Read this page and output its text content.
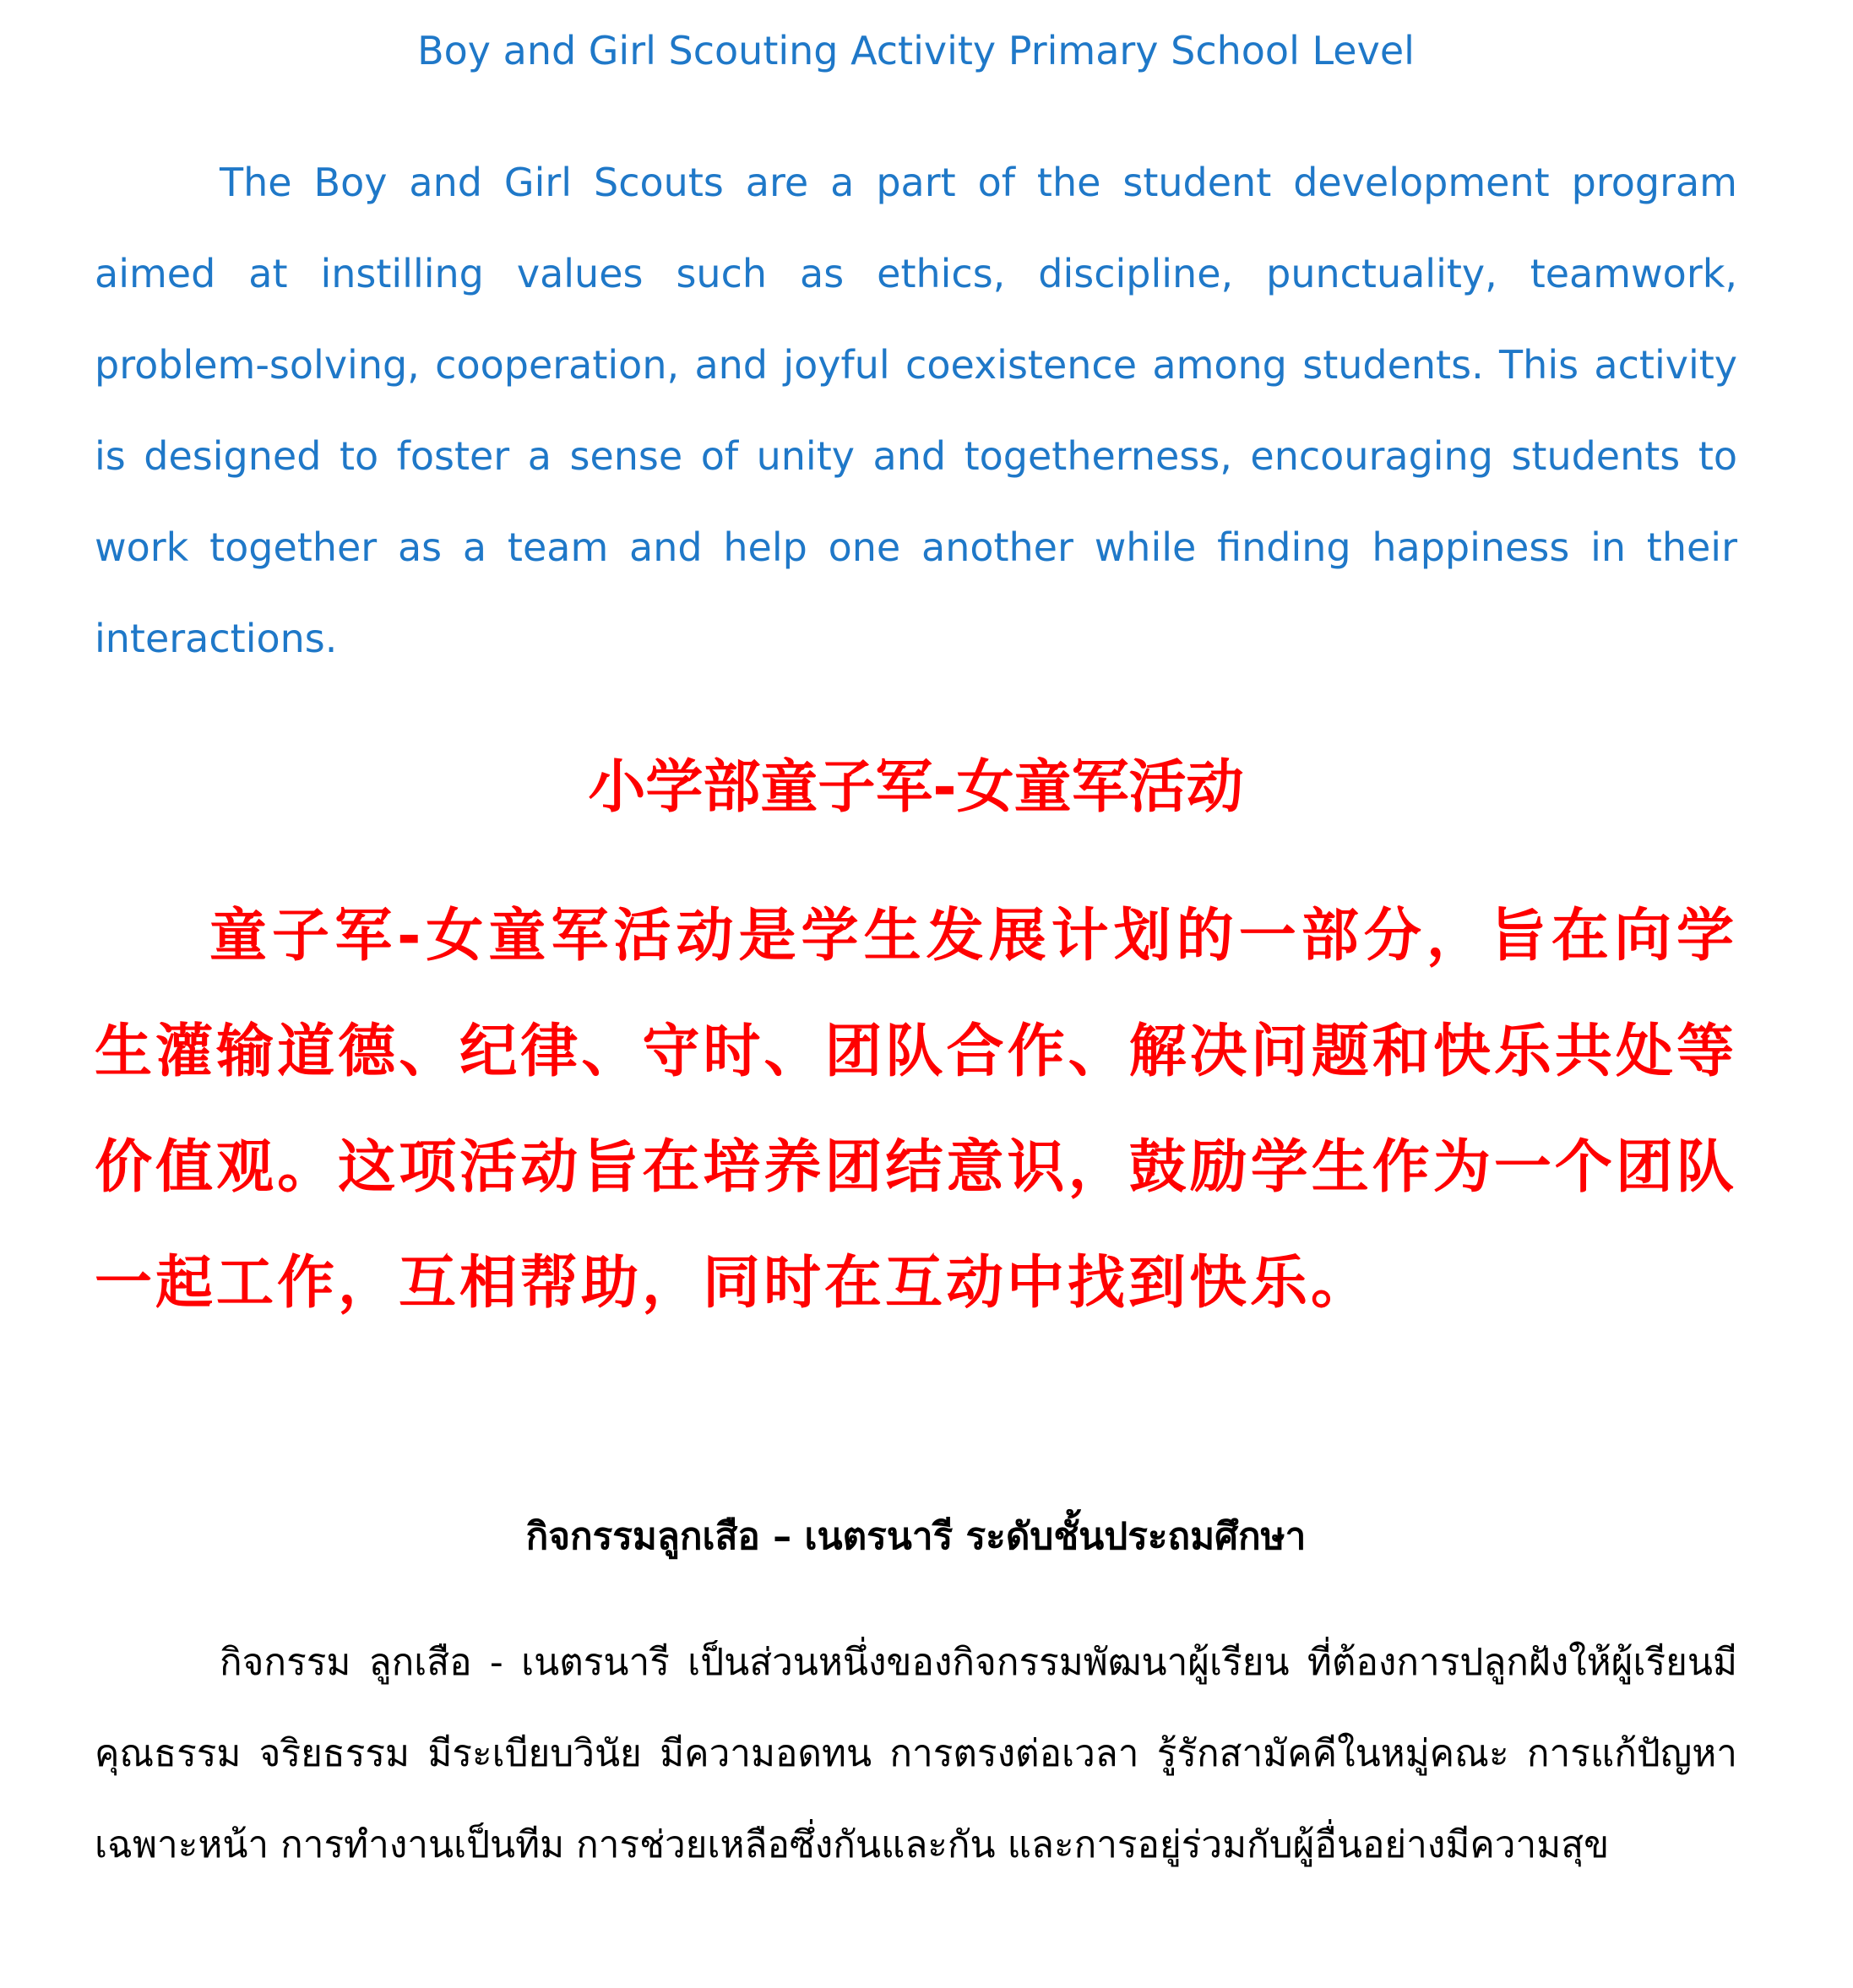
Boy and Girl Scouting Activity Primary School Level

The Boy and Girl Scouts are a part of the student development program aimed at instilling values such as ethics, discipline, punctuality, teamwork, problem-solving, cooperation, and joyful coexistence among students. This activity is designed to foster a sense of unity and togetherness, encouraging students to work together as a team and help one another while finding happiness in their interactions.

小学部童子军-女童军活动

童子军-女童军活动是学生发展计划的一部分，旨在向学生灌输道德、纪律、守时、团队合作、解决问题和快乐共处等价值观。这项活动旨在培养团结意识，鼓励学生作为一个团队一起工作，互相帮助，同时在互动中找到快乐。

กิจกรรมลูกเสือ – เนตรนารี ระดับชั้นประถมศึกษา

กิจกรรม ลูกเสือ - เนตรนารี เป็นส่วนหนึ่งของกิจกรรมพัฒนาผู้เรียน ที่ต้องการปลูกฝังให้ผู้เรียนมีคุณธรรม จริยธรรม มีระเบียบวินัย มีความอดทน การตรงต่อเวลา รู้รักสามัคคีในหมู่คณะ การแก้ปัญหาเฉพาะหน้า การทำงานเป็นทีม การช่วยเหลือซึ่งกันและกัน และการอยู่ร่วมกับผู้อื่นอย่างมีความสุข
